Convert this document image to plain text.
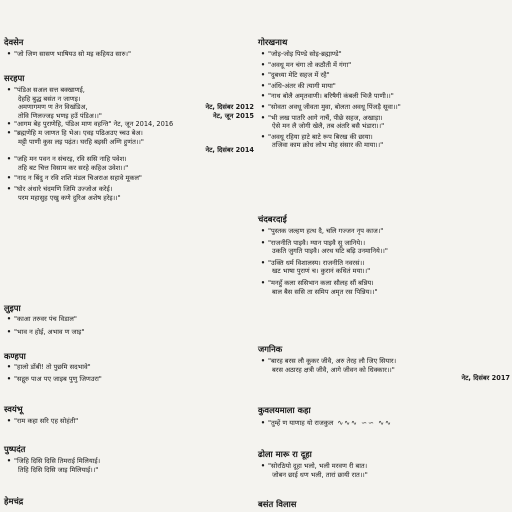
देवसेन
• "जो जिण सासण भाषियउ सो मइ कहियउ सारु।"
सरहपा
• "पंडिअ सअल सत्त बक्खाणई,
देहहि बुद्ध बसंत न जाणइ।
अमणागमण ण तेन विखंडिअ,	नेट, दिसंबर 2012
तोवि णिलज्जइ भणइ हउँ पंडिअ।।"	नेट, जून 2015
• "आगम बेह पुराणेहि, पंडिअ माण वहन्ति" नेट, जून 2014, 2016
• "ब्रह्मणेहि म जाणत हि भेअ। एवइ पढिअउए च्चउ बेअ।
मट्टी पाणी कुस लइ पढ़ंत। घरहि बइसी अग्गि हुणंत।।"
नेट, दिसंबर 2014
• "जहि मन पवन न संचरइ, रवि ससि नाहि पवेश।
तहि बट चित्त विसाम कर सरहे कहिअ उवेश।।"
• "नाद न बिंदु न रवि शशि मंडल चिअराअ सहावे मूकल"
• "घोर अंधारे चंदमणि जिमि उज्जोअ करेई।
परम महासुह एखु कणे दुरिअ अशेष हरेइ।।"
लुइपा
• "काआ तरुवर पंच विडाल"
• "भाव न होई, अभाव ण जाइ"
कण्हपा
• "हालो डोंबी! तो पुछमि सदभावे"
• "सद्गुरु पाअ पए जाइब पुणु जिणउरा"
स्वयंभू
• "राम कहा सरि एह सोहंती"
पुष्पदंत
• "जिहि दिसि दिसि तिमराई मिलियाई।
तिहि दिसि दिसि जाइ मिलियाई।।"
हेमचंद्र
गोरखनाथ
• "जोइ-जोइ पिण्डे सोइ-ब्रह्माण्डे"
• "अवधू मन चंगा तो कठौती में गंगा"
• "दुबध्या मेटि सहज में रहै"
• "अंधि-अंतर की त्यागी माया"
• "नाथ बोलै अमृतवाणी। बरिषैगी कंबली भिजै पाणी।।"
• "सोवता अवधू जीवता मुवा, बोलता अवधू पिंजड़ै सूवा।।"
• "भी लख पातरि आगे नाचैं, पीछे सहज, अखाड़ा।
ऐसे मन लै जोगी खेलै, तब अंतरि बसै भंडारा।।"
• "अवधू रहिया हाटे बाटे रूप बिरख की छाया।
तजिवा काम क्रोध लोभ मोह संसार की माया।।"
चंदबरदाई
• "पुस्तक जल्हण हत्थ दै, चलि गज्जन नृप काज।"
• "राजनीति पाइवै। ग्यान पाइवै सु जानिये।।
उकति जुगति पाइवै। अरथ घटि बढ़ि उनमानिये।।"
• "उक्ति धर्म विशालस्य। राजनीति नवरसं।।
खट भाषा पुराणं च। कुरानं कथितं मया।।"
• "मनहुँ कला ससिभान कला सौलह सौं बन्निय।
बाल बैस ससि ता समिप अमृत रस पिन्निय।।"
जगनिक
• "बारह बरस लौ कूकर जीवै, अरु तेरह लौ जिए सियार।
बरस अठारह क्षत्री जीवै, आगे जीवन को धिक्कार।।"
नेट, दिसंबर 2017
कुवलयमाला कहा
• "तुम्हें ण याणाह यो राजकुल ∿∿∿ ∽∽ ∿∿
ढोला मारू रा दूहा
• "सोरठियो दूहा भलो, भली मरवण री बात।
जोबन छाई धण भली, तारां छायी रात।।"
बसंत विलास
